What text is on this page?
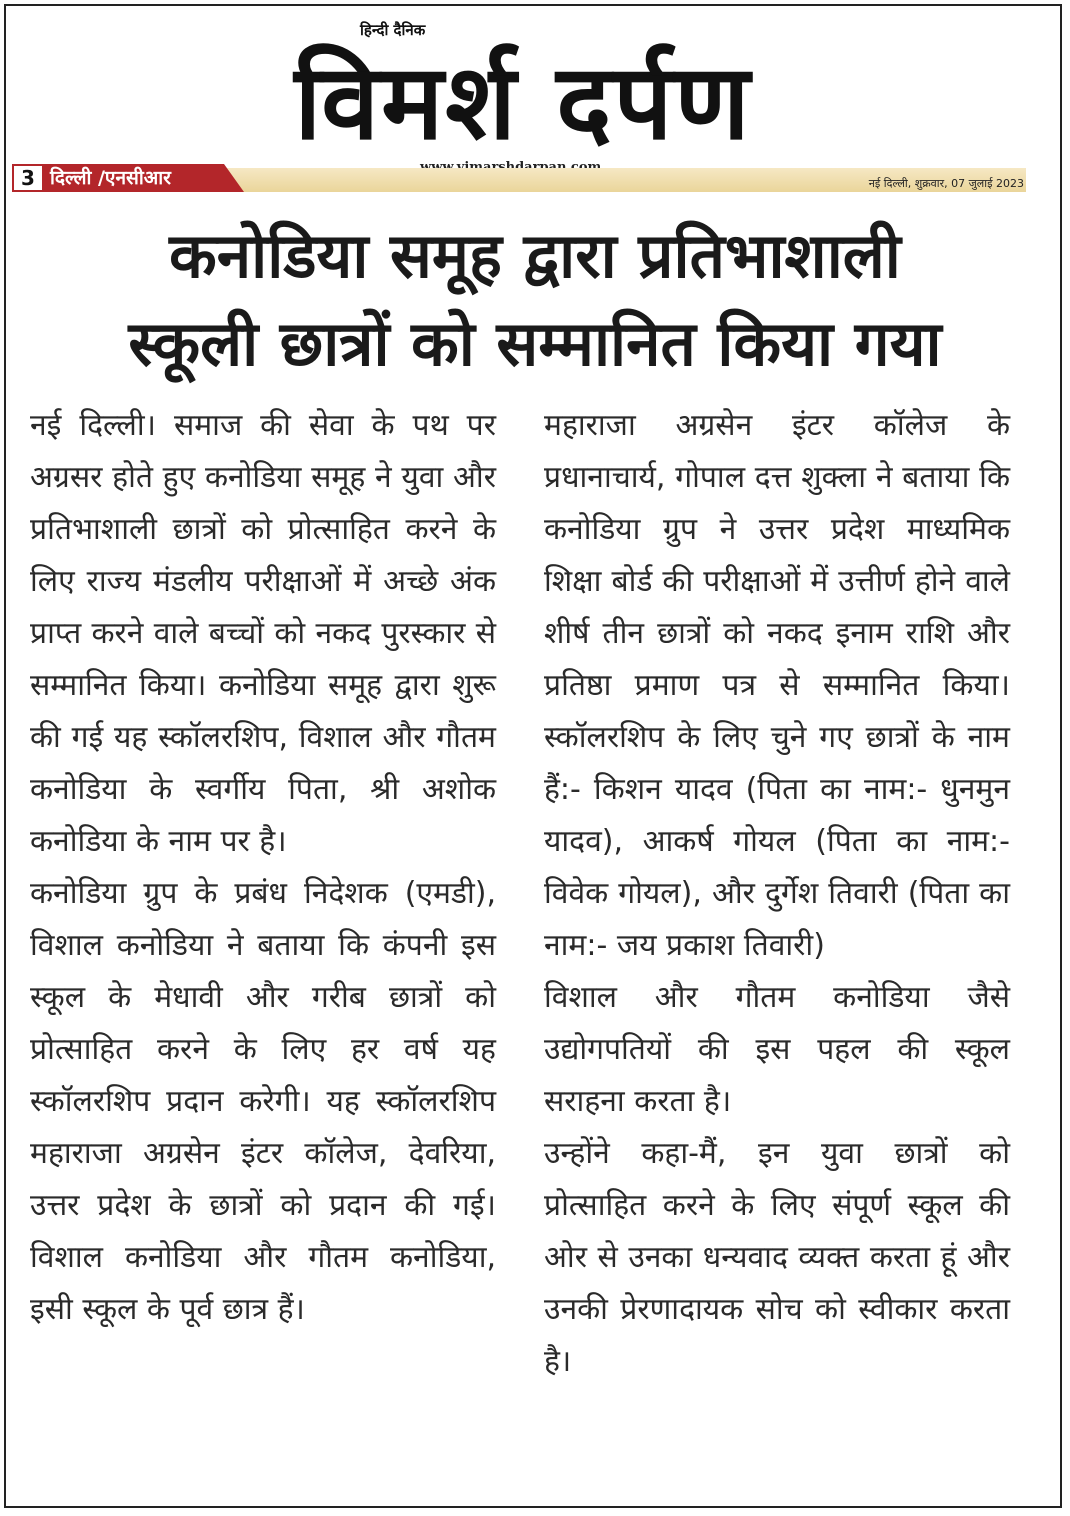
हिन्दी दैनिक
विमर्श दर्पण
3 दिल्ली /एनसीआर	नई दिल्ली, शुक्रवार, 07 जुलाई 2023
कनोडिया समूह द्वारा प्रतिभाशाली
स्कूली छात्रों को सम्मानित किया गया

नई दिल्ली। समाज की सेवा के पथ पर अग्रसर होते हुए कनोडिया समूह ने युवा और प्रतिभाशाली छात्रों को प्रोत्साहित करने के लिए राज्य मंडलीय परीक्षाओं में अच्छे अंक प्राप्त करने वाले बच्चों को नकद पुरस्कार से सम्मानित किया। कनोडिया समूह द्वारा शुरू की गई यह स्कॉलरशिप, विशाल और गौतम कनोडिया के स्वर्गीय पिता, श्री अशोक कनोडिया के नाम पर है।

कनोडिया ग्रुप के प्रबंध निदेशक (एमडी), विशाल कनोडिया ने बताया कि कंपनी इस स्कूल के मेधावी और गरीब छात्रों को प्रोत्साहित करने के लिए हर वर्ष यह स्कॉलरशिप प्रदान करेगी। यह स्कॉलरशिप महाराजा अग्रसेन इंटर कॉलेज, देवरिया, उत्तर प्रदेश के छात्रों को प्रदान की गई। विशाल कनोडिया और गौतम कनोडिया, इसी स्कूल के पूर्व छात्र हैं।

महाराजा अग्रसेन इंटर कॉलेज के प्रधानाचार्य, गोपाल दत्त शुक्ला ने बताया कि कनोडिया ग्रुप ने उत्तर प्रदेश माध्यमिक शिक्षा बोर्ड की परीक्षाओं में उत्तीर्ण होने वाले शीर्ष तीन छात्रों को नकद इनाम राशि और प्रतिष्ठा प्रमाण पत्र से सम्मानित किया।स्कॉलरशिप के लिए चुने गए छात्रों के नाम हैं:- किशन यादव (पिता का नाम:- धुनमुन यादव), आकर्ष गोयल (पिता का नाम:- विवेक गोयल), और दुर्गेश तिवारी (पिता का नाम:- जय प्रकाश तिवारी)

विशाल और गौतम कनोडिया जैसे उद्योगपतियों की इस पहल की स्कूल सराहना करता है।

उन्होंने कहा-मैं, इन युवा छात्रों को प्रोत्साहित करने के लिए संपूर्ण स्कूल की ओर से उनका धन्यवाद व्यक्त करता हूं और उनकी प्रेरणादायक सोच को स्वीकार करता है।
